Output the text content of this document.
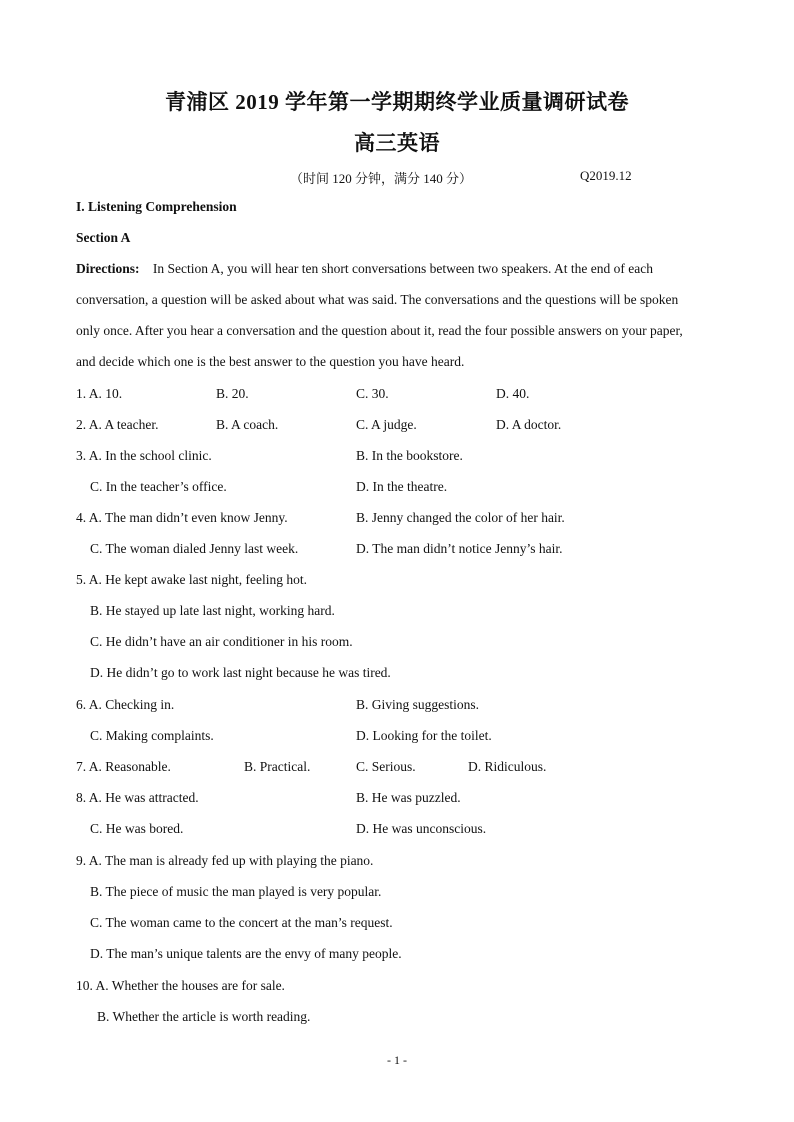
青浦区 2019 学年第一学期期终学业质量调研试卷
高三英语
（时间 120 分钟，满分 140 分）	Q2019.12
I. Listening Comprehension
Section A
Directions: In Section A, you will hear ten short conversations between two speakers. At the end of each
conversation, a question will be asked about what was said. The conversations and the questions will be spoken
only once. After you hear a conversation and the question about it, read the four possible answers on your paper,
and decide which one is the best answer to the question you have heard.
1. A. 10.	B. 20.	C. 30.	D. 40.
2. A. A teacher.	B. A coach.	C. A judge.	D. A doctor.
3. A. In the school clinic.	B. In the bookstore.
C. In the teacher’s office.	D. In the theatre.
4. A. The man didn’t even know Jenny.	B. Jenny changed the color of her hair.
C. The woman dialed Jenny last week.	D. The man didn’t notice Jenny’s hair.
5. A. He kept awake last night, feeling hot.
B. He stayed up late last night, working hard.
C. He didn’t have an air conditioner in his room.
D. He didn’t go to work last night because he was tired.
6. A. Checking in.	B. Giving suggestions.
C. Making complaints.	D. Looking for the toilet.
7. A. Reasonable.	B. Practical.	C. Serious.	D. Ridiculous.
8. A. He was attracted.	B. He was puzzled.
C. He was bored.	D. He was unconscious.
9. A. The man is already fed up with playing the piano.
B. The piece of music the man played is very popular.
C. The woman came to the concert at the man’s request.
D. The man’s unique talents are the envy of many people.
10. A. Whether the houses are for sale.
B. Whether the article is worth reading.
- 1 -
